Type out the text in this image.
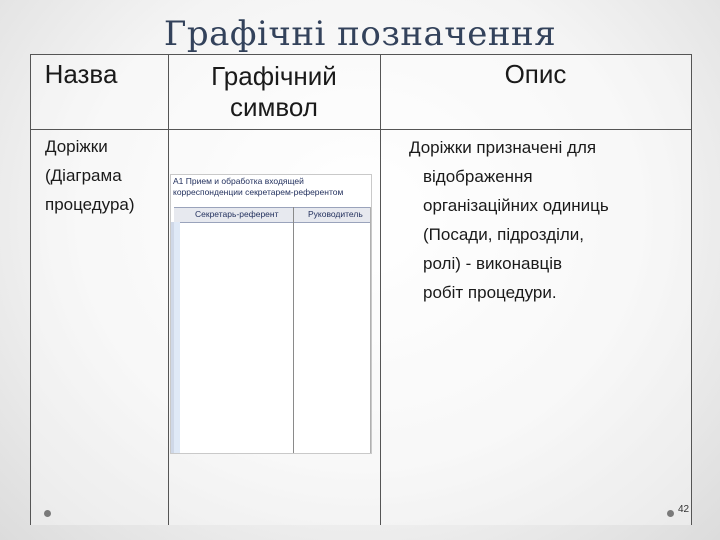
Графічні позначення
Назва	Графічний
символ
Опис
Доріжки
(Діаграма
процедура)
А1 Прием и обработка входящей
корреспонденции секретарем-референтом
Секретарь-референт	Руководитель
Доріжки призначені для
відображення
організаційних одиниць
(Посади, підрозділи,
ролі) - виконавців
робіт процедури.
42
